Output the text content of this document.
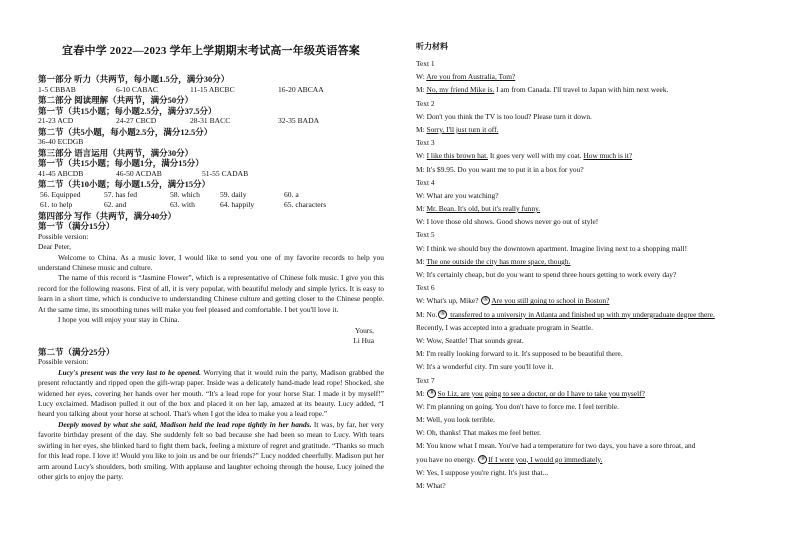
宜春中学 2022—2023 学年上学期期末考试高一年级英语答案
第一部分 听力（共两节，每小题1.5分，满分30分）
1-5 CBBAB	6-10 CABAC	11-15 ABCBC	16-20 ABCAA
第二部分 阅读理解（共两节，满分50分）
第一节（共15小题；每小题2.5分，满分37.5分）
21-23 ACD	24-27 CBCD	28-31 BACC	32-35 BADA
第二节（共5小题，每小题2.5分，满分12.5分）
36-40 ECDGB
第三部分 语言运用（共两节，满分30分）
第一节（共15小题；每小题1分，满分15分）
41-45 ABCDB	46-50 ACDAB	51-55 CADAB
第二节（共10小题；每小题1.5分，满分15分）
56. Equipped	57. has fed	58. which	59. daily	60. a
61. to help	62. and	63. with	64. happily	65. characters
第四部分 写作（共两节，满分40分）
第一节（满分15分）
Possible version:
Dear Peter,

Welcome to China. As a music lover, I would like to send you one of my favorite records to help you understand Chinese music and culture.

The name of this record is “Jasmine Flower”, which is a representative of Chinese folk music. I give you this record for the following reasons. First of all, it is very popular, with beautiful melody and simple lyrics. It is easy to learn in a short time, which is conducive to understanding Chinese culture and getting closer to the Chinese people. At the same time, its smoothing tunes will make you feel pleased and comfortable. I bet you'll love it.

I hope you will enjoy your stay in China.

Yours,
Li Hua
第二节（满分25分）
Possible version:

Lucy's present was the very last to be opened. Worrying that it would ruin the party, Madison grabbed the present reluctantly and ripped open the gift-wrap paper. Inside was a delicately hand-made lead rope! Shocked, she widened her eyes, covering her hands over her mouth. “It's a lead rope for your horse Star. I made it by myself!” Lucy exclaimed. Madison pulled it out of the box and placed it on her lap, amazed at its beauty. Lucy added, “I heard you talking about your horse at school. That's when I got the idea to make you a lead rope.”

Deeply moved by what she said, Madison held the lead rope tightly in her hands. It was, by far, her very favorite birthday present of the day. She suddenly felt so bad because she had been so mean to Lucy. With tears swirling in her eyes, she blinked hard to fight them back, feeling a mixture of regret and gratitude. “Thanks so much for this lead rope. I love it! Would you like to join us and be our friends?” Lucy nodded cheerfully. Madison put her arm around Lucy's shoulders, both smiling. With applause and laughter echoing through the house, Lucy joined the other girls to enjoy the party.

听力材料
Text 1
W: Are you from Australia, Tom?
M: No, my friend Mike is. I am from Canada. I'll travel to Japan with him next week.
Text 2
W: Don't you think the TV is too loud? Please turn it down.
M: Sorry, I'll just turn it off.
Text 3
W: I like this brown hat. It goes very well with my coat. How much is it?
M: It's $9.95. Do you want me to put it in a box for you?
Text 4
W: What are you watching?
M: Mr. Bean. It's old, but it's really funny.
W: I love those old shows. Good shows never go out of style!
Text 5
W: I think we should buy the downtown apartment. Imagine living next to a shopping mall!
M: The one outside the city has more space, though.
W: It's certainly cheap, but do you want to spend three hours getting to work every day?
Text 6
W: What's up, Mike? ⑥ Are you still going to school in Boston?
M: No. ⑥ transferred to a university in Atlanta and finished up with my undergraduate degree there.
Recently, I was accepted into a graduate program in Seattle.
W: Wow, Seattle! That sounds great.
M: I'm really looking forward to it. It's supposed to be beautiful there.
W: It's a wonderful city. I'm sure you'll love it.
Text 7
M: ⑧ So Liz, are you going to see a doctor, or do I have to take you myself?
W: I'm planning on going. You don't have to force me. I feel terrible.
M: Well, you look terrible.
W: Oh, thanks! That makes me feel better.
M: You know what I mean. You've had a temperature for two days, you have a sore throat, and
you have no energy. ⑨ If I were you, I would go immediately.
W: Yes, I suppose you're right. It's just that...
M: What?
